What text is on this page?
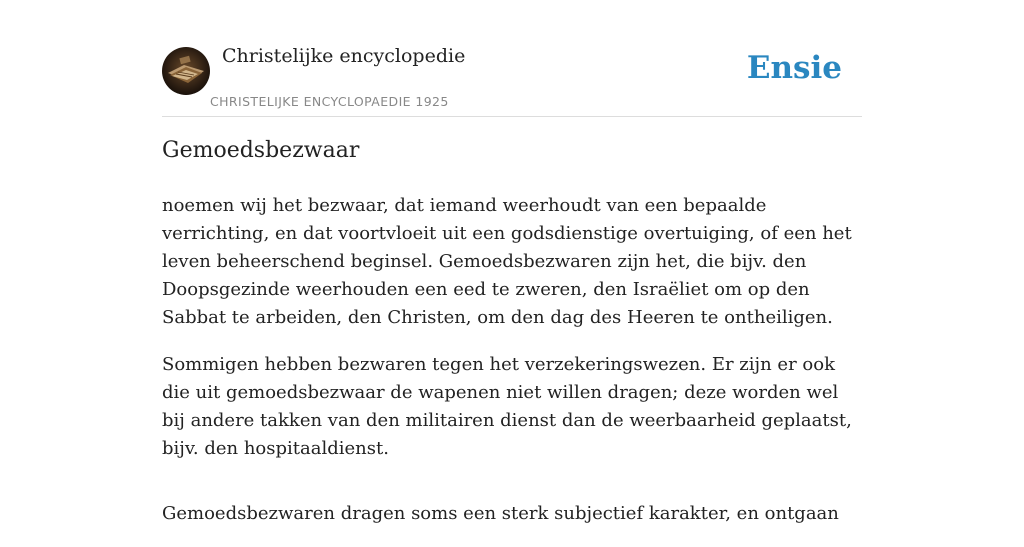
Christelijke encyclopedie
CHRISTELIJKE ENCYCLOPAEDIE 1925
Ensie
Gemoedsbezwaar

noemen wij het bezwaar, dat iemand weerhoudt van een bepaalde verrichting, en dat voortvloeit uit een godsdienstige overtuiging, of een het leven beheerschend beginsel. Gemoedsbezwaren zijn het, die bijv. den Doopsgezinde weerhouden een eed te zweren, den Israëliet om op den Sabbat te arbeiden, den Christen, om den dag des Heeren te ontheiligen.

Sommigen hebben bezwaren tegen het verzekeringswezen. Er zijn er ook die uit gemoedsbezwaar de wapenen niet willen dragen; deze worden wel bij andere takken van den militairen dienst dan de weerbaarheid geplaatst, bijv. den hospitaaldienst.

Gemoedsbezwaren dragen soms een sterk subjectief karakter, en ontgaan
